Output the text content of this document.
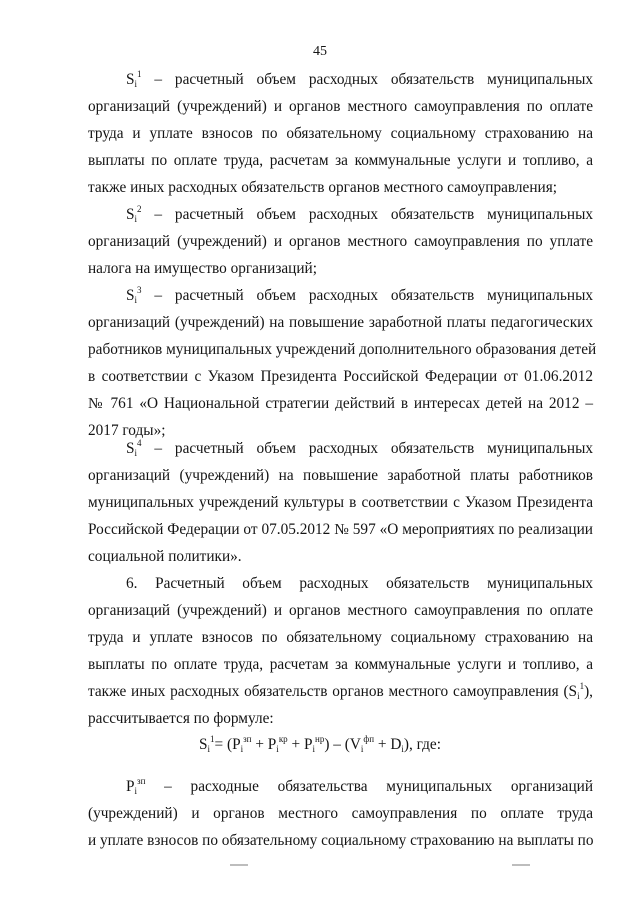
45
$S_i^1$ – расчетный объем расходных обязательств муниципальных
организаций (учреждений) и органов местного самоуправления по оплате
труда и уплате взносов по обязательному социальному страхованию на
выплаты по оплате труда, расчетам за коммунальные услуги и топливо, а
также иных расходных обязательств органов местного самоуправления;
$S_i^2$ – расчетный объем расходных обязательств муниципальных
организаций (учреждений) и органов местного самоуправления по уплате
налога на имущество организаций;
$S_i^3$ – расчетный объем расходных обязательств муниципальных
организаций (учреждений) на повышение заработной платы педагогических
работников муниципальных учреждений дополнительного образования детей
в соответствии с Указом Президента Российской Федерации от 01.06.2012
№ 761 «О Национальной стратегии действий в интересах детей на 2012 –
2017 годы»;
$S_i^4$ – расчетный объем расходных обязательств муниципальных
организаций (учреждений) на повышение заработной платы работников
муниципальных учреждений культуры в соответствии с Указом Президента
Российской Федерации от 07.05.2012 № 597 «О мероприятиях по реализации
социальной политики».
6. Расчетный объем расходных обязательств муниципальных
организаций (учреждений) и органов местного самоуправления по оплате
труда и уплате взносов по обязательному социальному страхованию на
выплаты по оплате труда, расчетам за коммунальные услуги и топливо, а
также иных расходных обязательств органов местного самоуправления $(S_i^1)$,
рассчитывается по формуле:
$S_i^1= (P_i^{зп} + P_i^{кр} + P_i^{нр}) - (V_i^{фп} + D_i)$, где:
$P_i^{зп}$ – расходные обязательства муниципальных организаций
(учреждений) и органов местного самоуправления по оплате труда
и уплате взносов по обязательному социальному страхованию на выплаты по
